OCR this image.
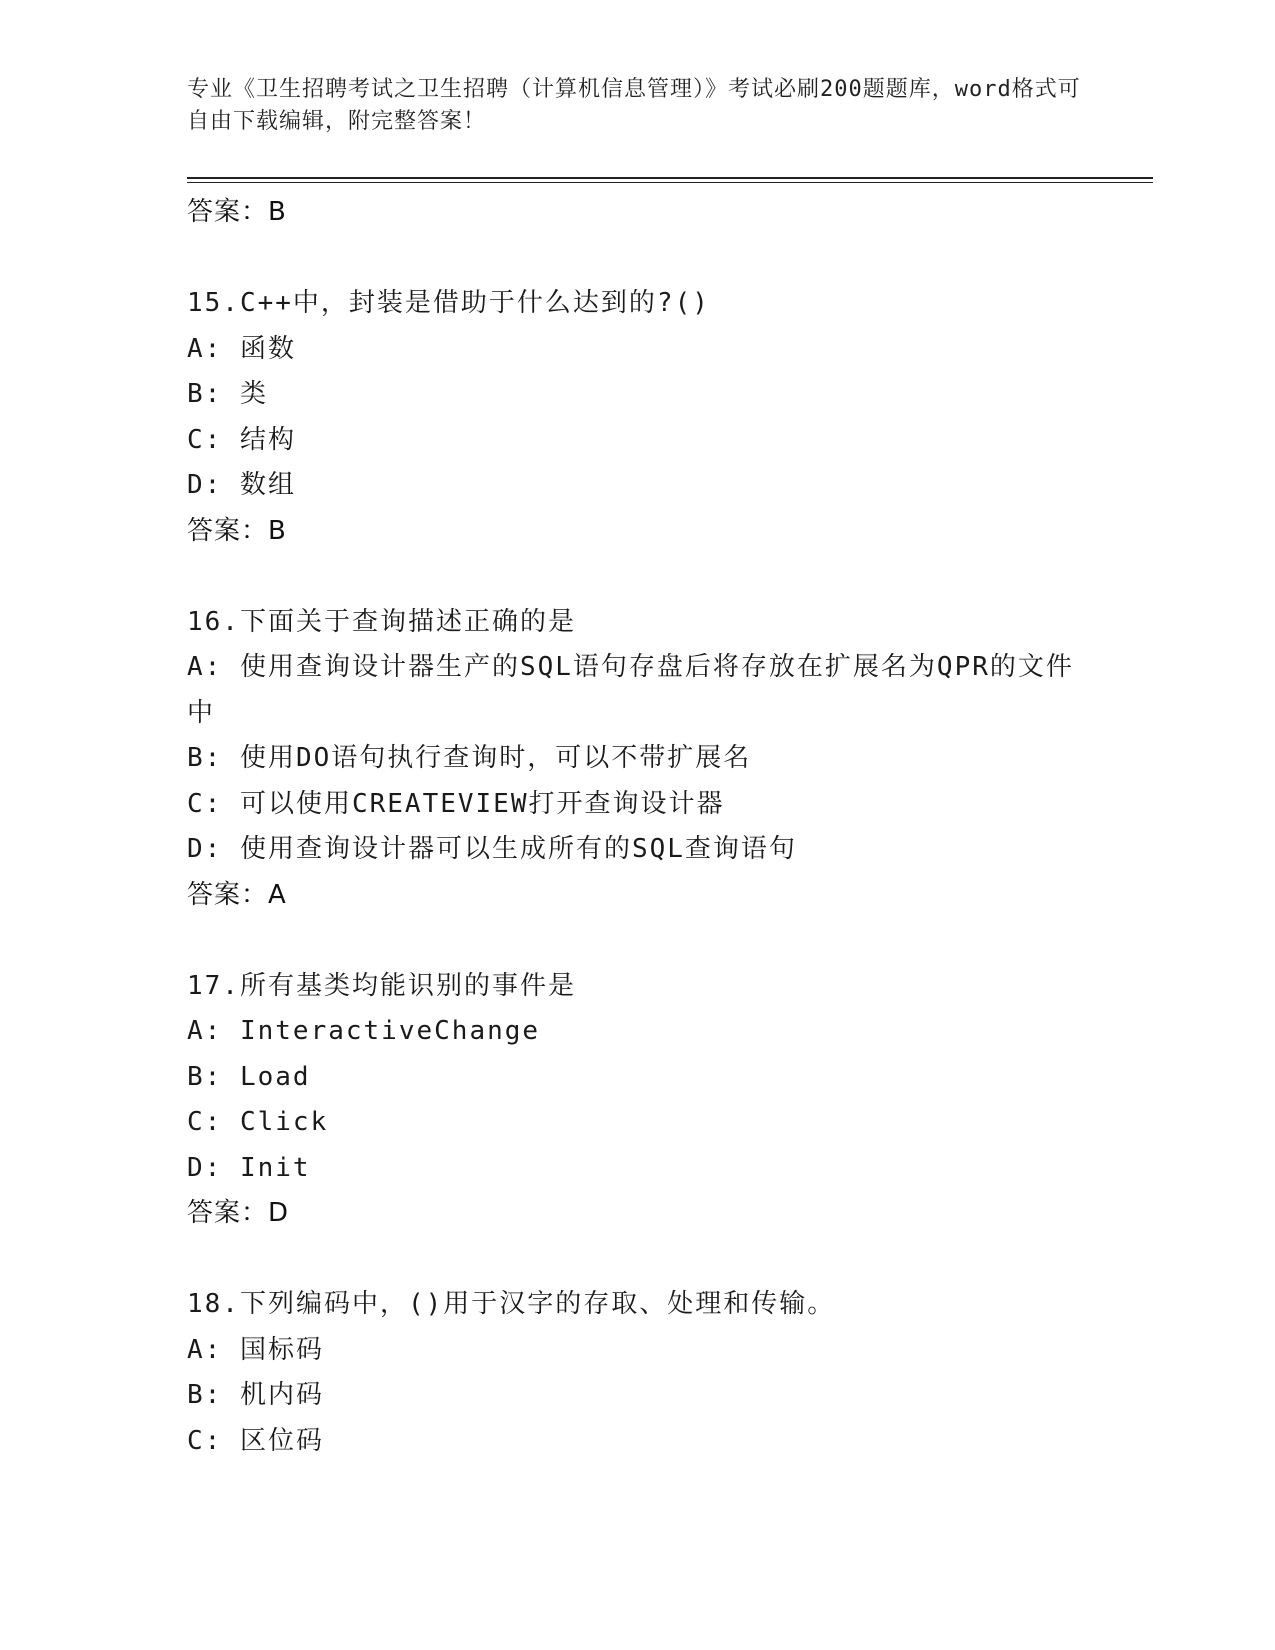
专业《卫生招聘考试之卫生招聘（计算机信息管理）》考试必刷200题题库，word格式可自由下载编辑，附完整答案！
答案：B
15.C++中，封装是借助于什么达到的?()
A: 函数
B: 类
C: 结构
D: 数组
答案：B
16.下面关于查询描述正确的是
A: 使用查询设计器生产的SQL语句存盘后将存放在扩展名为QPR的文件中
B: 使用DO语句执行查询时，可以不带扩展名
C: 可以使用CREATEVIEW打开查询设计器
D: 使用查询设计器可以生成所有的SQL查询语句
答案：A
17.所有基类均能识别的事件是
A: InteractiveChange
B: Load
C: Click
D: Init
答案：D
18.下列编码中，()用于汉字的存取、处理和传输。
A: 国标码
B: 机内码
C: 区位码
